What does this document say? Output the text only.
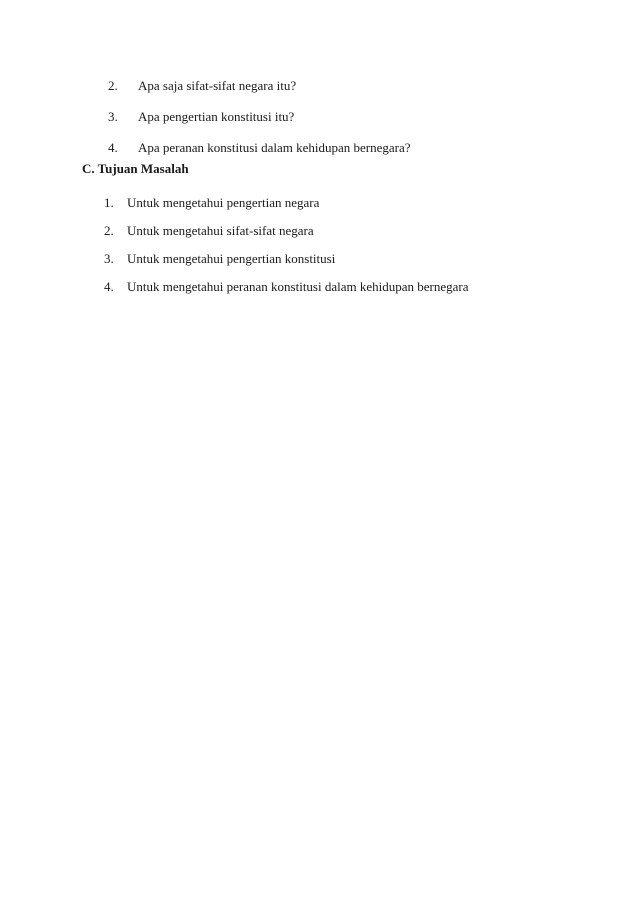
2. Apa saja sifat-sifat negara itu?
3. Apa pengertian konstitusi itu?
4. Apa peranan konstitusi dalam kehidupan bernegara?
C. Tujuan Masalah
1. Untuk mengetahui pengertian negara
2. Untuk mengetahui sifat-sifat negara
3. Untuk mengetahui pengertian konstitusi
4. Untuk mengetahui peranan konstitusi dalam kehidupan bernegara
